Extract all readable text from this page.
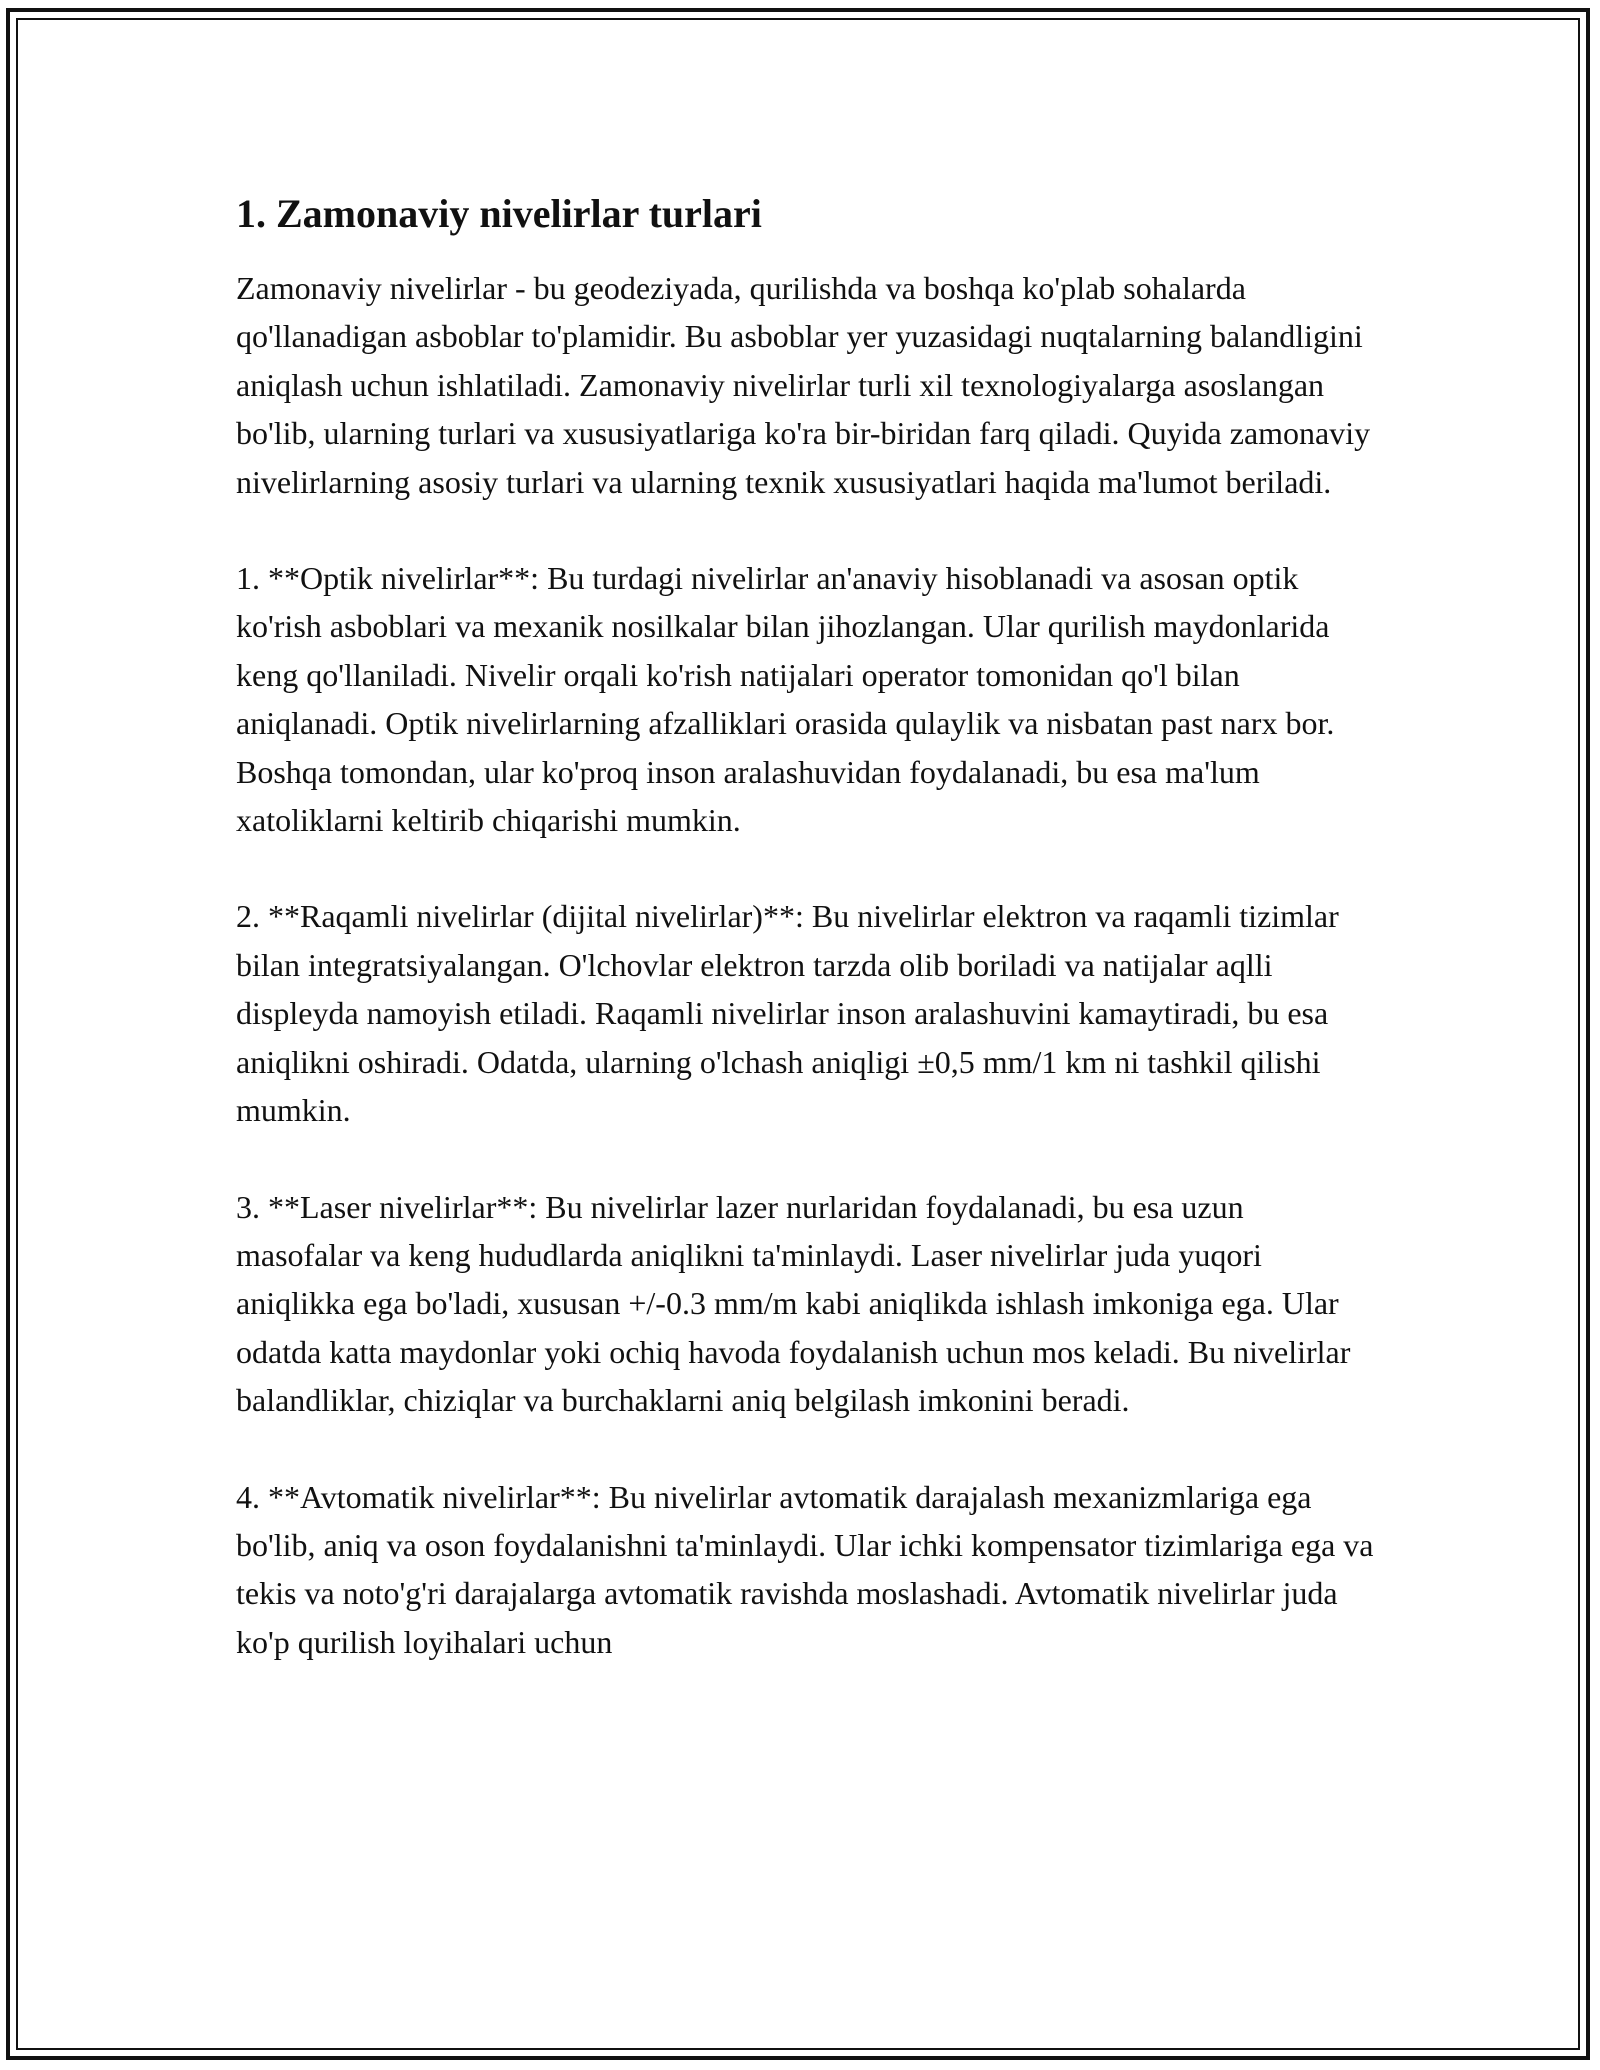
1. Zamonaviy nivelirlar turlari

Zamonaviy nivelirlar - bu geodeziyada, qurilishda va boshqa ko'plab sohalarda qo'llanadigan asboblar to'plamidir. Bu asboblar yer yuzasidagi nuqtalarning balandligini aniqlash uchun ishlatiladi. Zamonaviy nivelirlar turli xil texnologiyalarga asoslangan bo'lib, ularning turlari va xususiyatlariga ko'ra bir-biridan farq qiladi. Quyida zamonaviy nivelirlarning asosiy turlari va ularning texnik xususiyatlari haqida ma'lumot beriladi.

1. **Optik nivelirlar**: Bu turdagi nivelirlar an'anaviy hisoblanadi va asosan optik ko'rish asboblari va mexanik nosilkalar bilan jihozlangan. Ular qurilish maydonlarida keng qo'llaniladi. Nivelir orqali ko'rish natijalari operator tomonidan qo'l bilan aniqlanadi. Optik nivelirlarning afzalliklari orasida qulaylik va nisbatan past narx bor. Boshqa tomondan, ular ko'proq inson aralashuvidan foydalanadi, bu esa ma'lum xatoliklarni keltirib chiqarishi mumkin.

2. **Raqamli nivelirlar (dijital nivelirlar)**: Bu nivelirlar elektron va raqamli tizimlar bilan integratsiyalangan. O'lchovlar elektron tarzda olib boriladi va natijalar aqlli displeyda namoyish etiladi. Raqamli nivelirlar inson aralashuvini kamaytiradi, bu esa aniqlikni oshiradi. Odatda, ularning o'lchash aniqligi ±0,5 mm/1 km ni tashkil qilishi mumkin.

3. **Laser nivelirlar**: Bu nivelirlar lazer nurlaridan foydalanadi, bu esa uzun masofalar va keng hududlarda aniqlikni ta'minlaydi. Laser nivelirlar juda yuqori aniqlikka ega bo'ladi, xususan +/-0.3 mm/m kabi aniqlikda ishlash imkoniga ega. Ular odatda katta maydonlar yoki ochiq havoda foydalanish uchun mos keladi. Bu nivelirlar balandliklar, chiziqlar va burchaklarni aniq belgilash imkonini beradi.

4. **Avtomatik nivelirlar**: Bu nivelirlar avtomatik darajalash mexanizmlariga ega bo'lib, aniq va oson foydalanishni ta'minlaydi. Ular ichki kompensator tizimlariga ega va tekis va noto'g'ri darajalarga avtomatik ravishda moslashadi. Avtomatik nivelirlar juda ko'p qurilish loyihalari uchun
